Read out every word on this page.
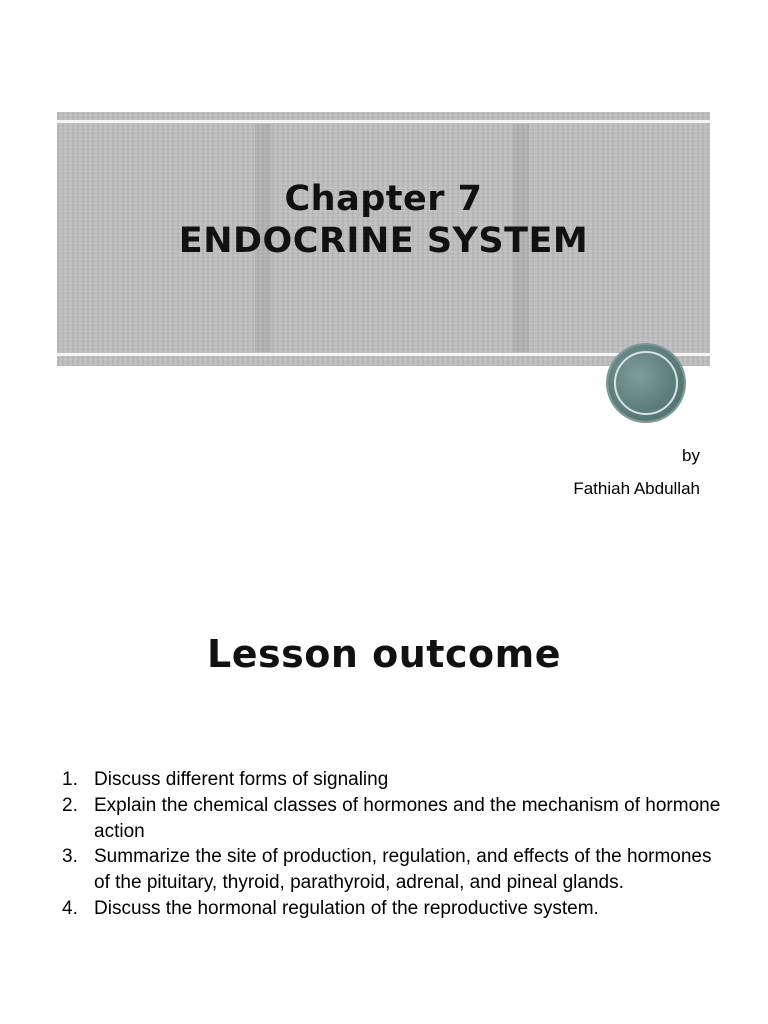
Chapter 7
ENDOCRINE SYSTEM
by
Fathiah Abdullah
Lesson outcome
1. Discuss different forms of signaling
2. Explain the chemical classes of hormones and the mechanism of hormone action
3. Summarize the site of production, regulation, and effects of the hormones of the pituitary, thyroid, parathyroid, adrenal, and pineal glands.
4. Discuss the hormonal regulation of the reproductive system.
